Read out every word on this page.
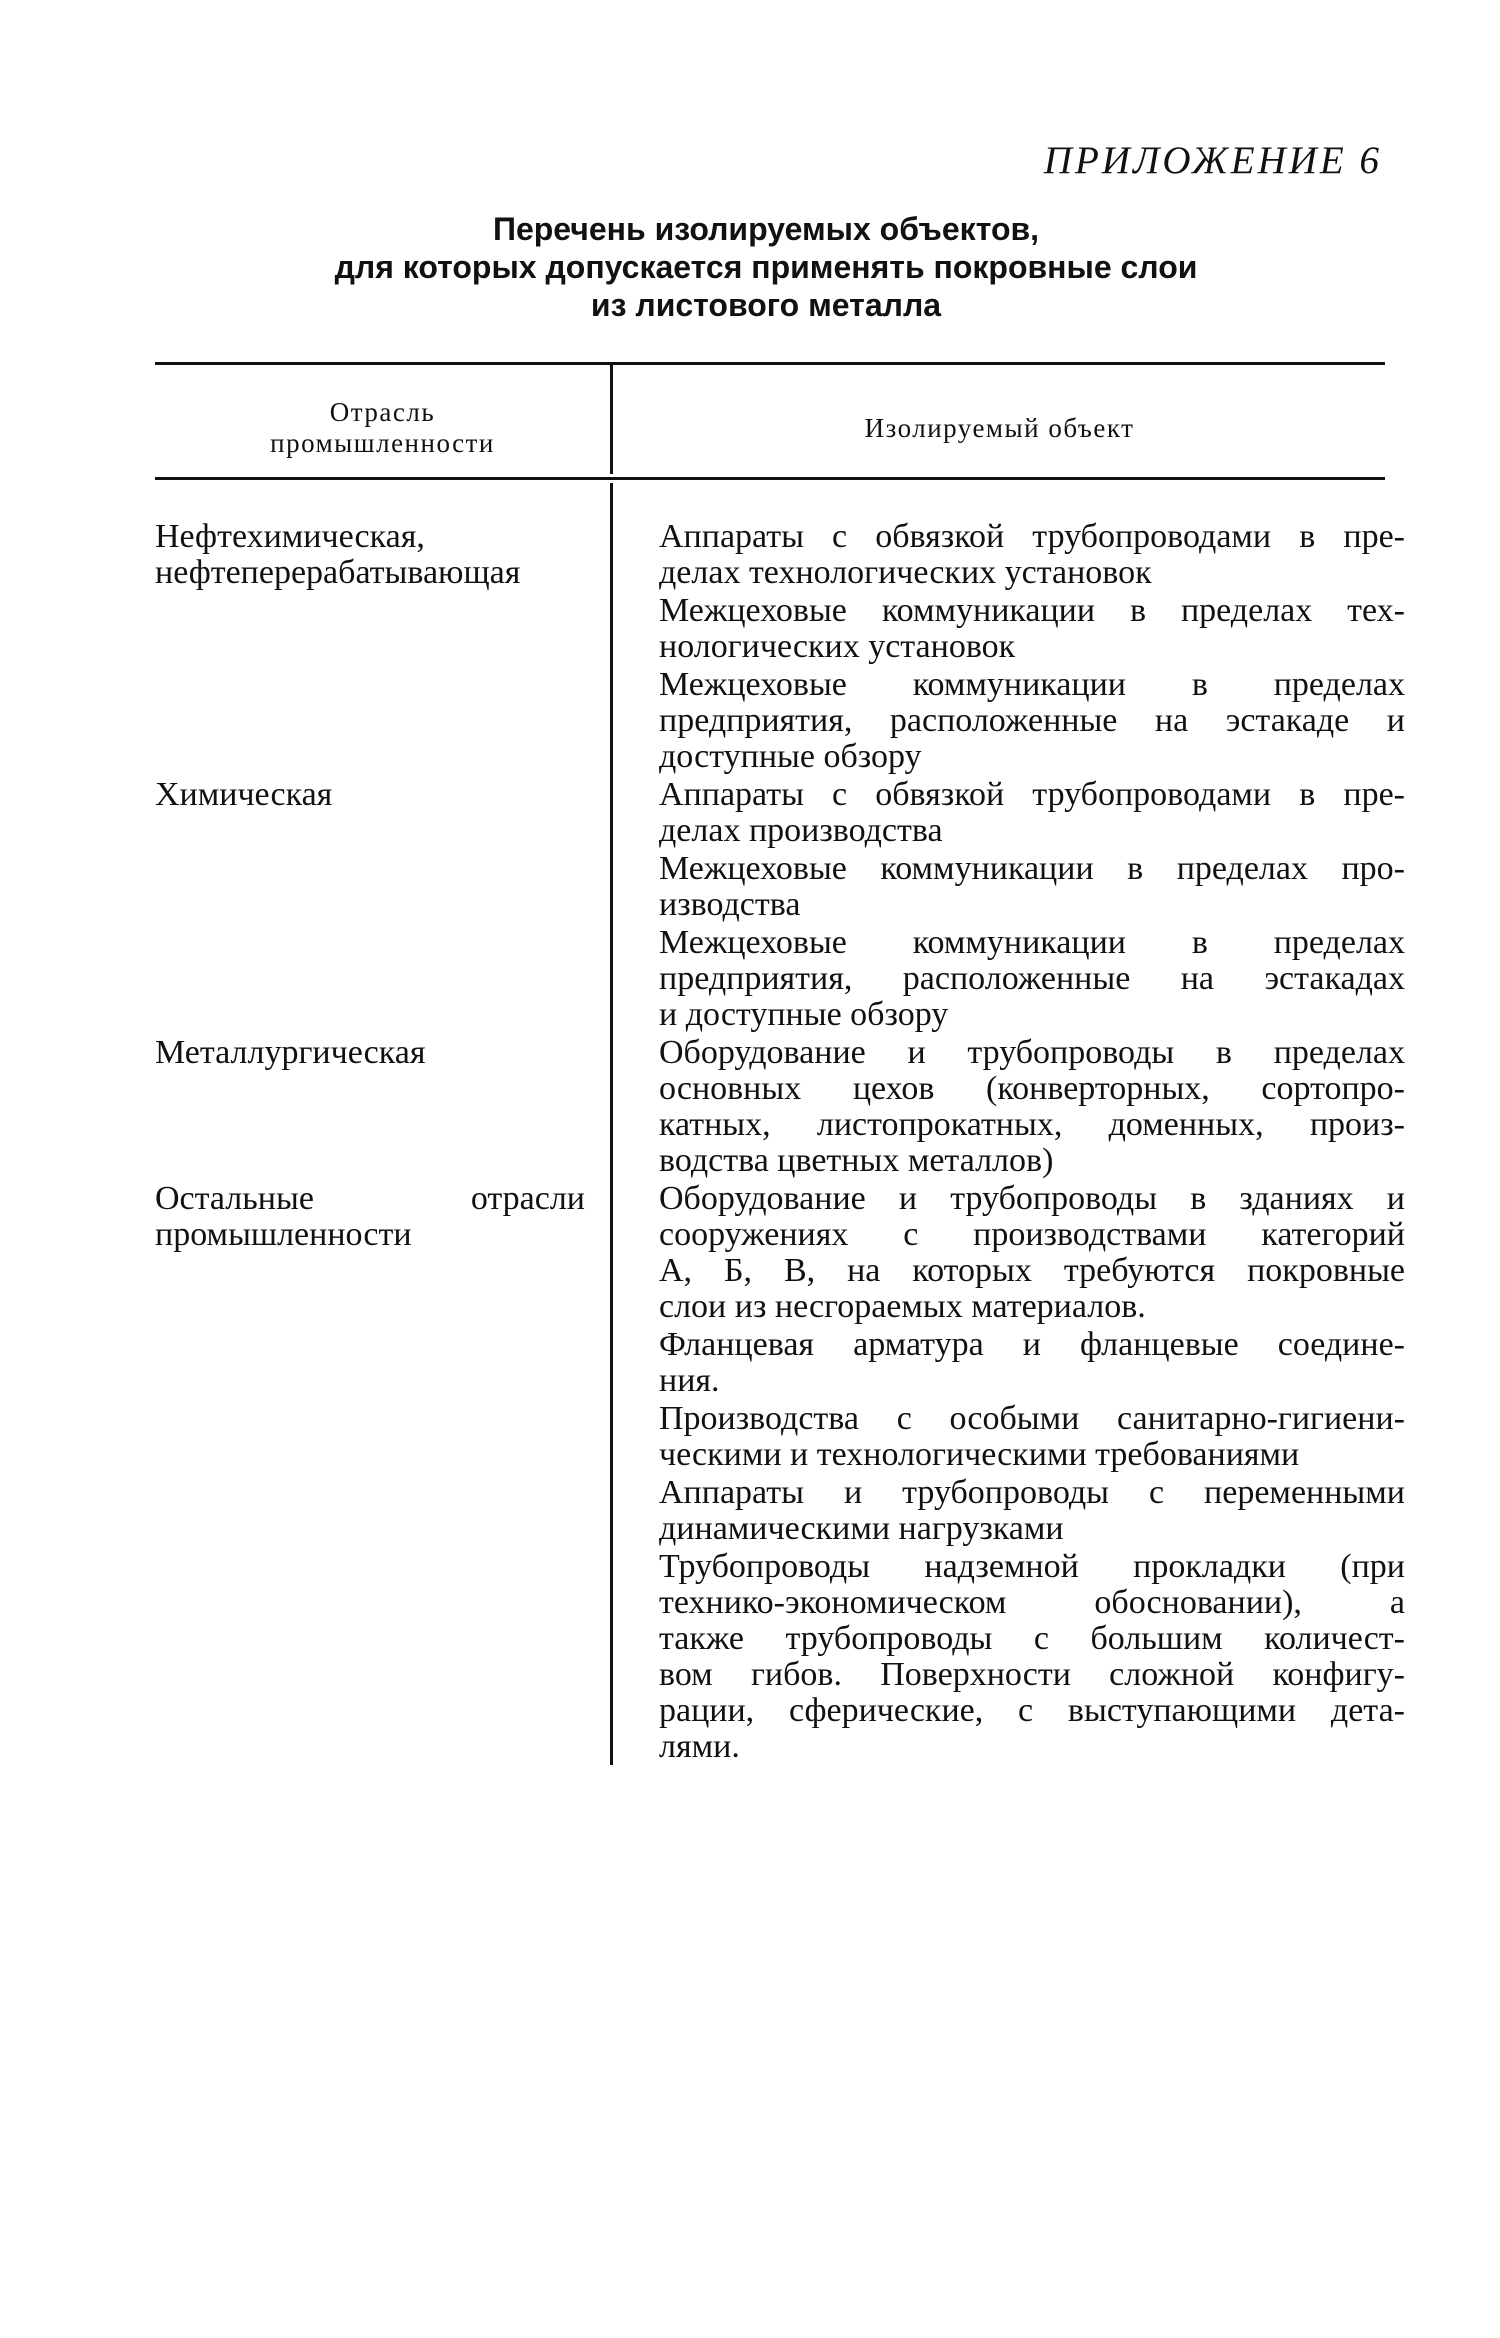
ПРИЛОЖЕНИЕ 6
Перечень изолируемых объектов,
для которых допускается применять покровные слои
из листового металла
Отрасль
промышленности
Изолируемый объект
Нефтехимическая, нефтеперерабатывающая
Аппараты с обвязкой трубопроводами в пре-
делах технологических установок
Межцеховые коммуникации в пределах тех-
нологических установок
Межцеховые коммуникации в пределах
предприятия, расположенные на эстакаде и
доступные обзору
Химическая	Аппараты с обвязкой трубопроводами в пре-
делах производства
Межцеховые коммуникации в пределах про-
изводства
Межцеховые коммуникации в пределах
предприятия, расположенные на эстакадах
и доступные обзору
Металлургическая	Оборудование и трубопроводы в пределах
основных цехов (конверторных, сортопро-
катных, листопрокатных, доменных, произ-
водства цветных металлов)
Остальные отрасли промышленности
Оборудование и трубопроводы в зданиях и
сооружениях с производствами категорий
А, Б, В, на которых требуются покровные
слои из несгораемых материалов.
Фланцевая арматура и фланцевые соедине-
ния.
Производства с особыми санитарно-гигиени-
ческими и технологическими требованиями
Аппараты и трубопроводы с переменными
динамическими нагрузками
Трубопроводы надземной прокладки (при
технико-экономическом обосновании), а
также трубопроводы с большим количест-
вом гибов. Поверхности сложной конфигу-
рации, сферические, с выступающими дета-
лями.
